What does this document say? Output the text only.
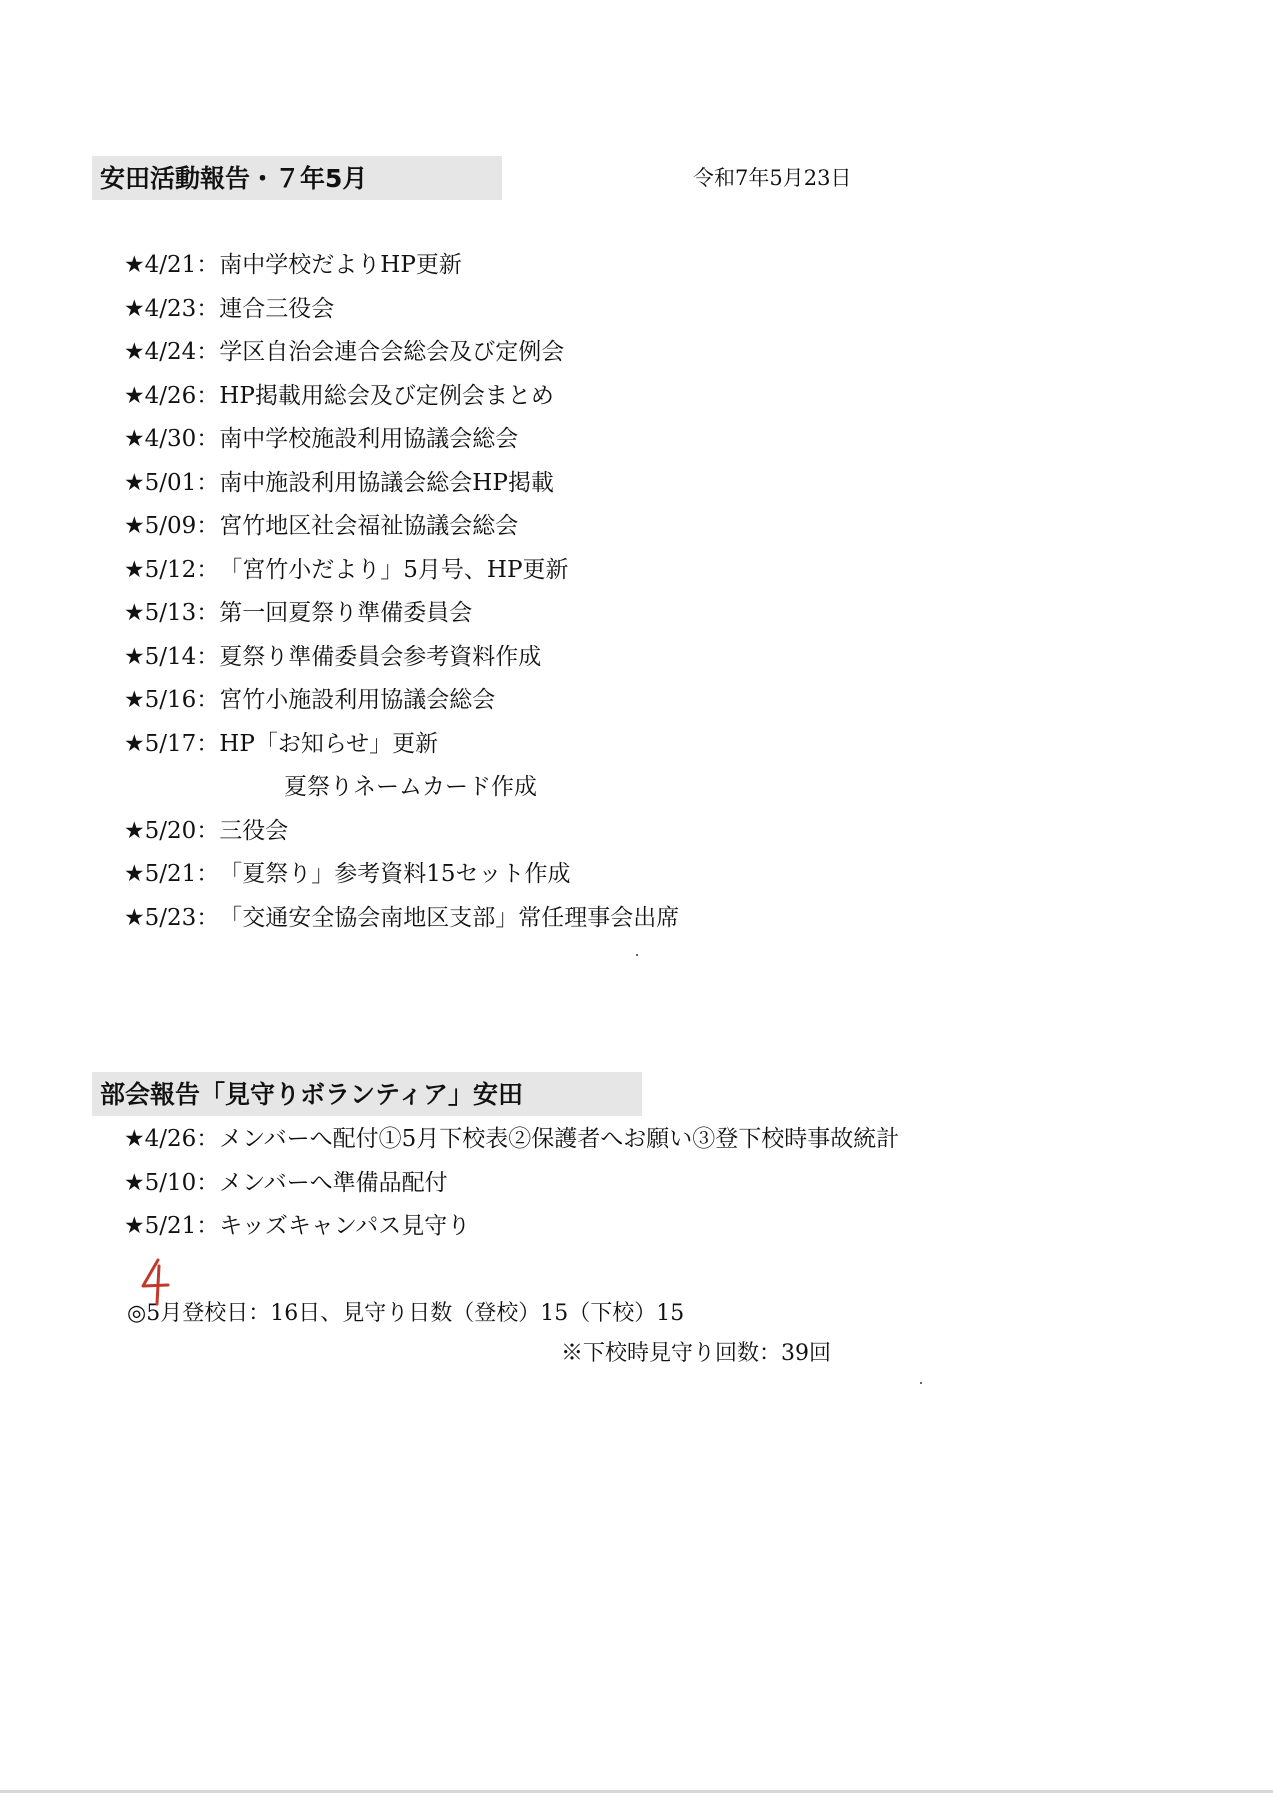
安田活動報告・７年5月	令和7年5月23日
★4/21： 南中学校だよりHP更新
★4/23： 連合三役会
★4/24： 学区自治会連合会総会及び定例会
★4/26： HP掲載用総会及び定例会まとめ
★4/30： 南中学校施設利用協議会総会
★5/01： 南中施設利用協議会総会HP掲載
★5/09： 宮竹地区社会福祉協議会総会
★5/12： 「宮竹小だより」5月号、HP更新
★5/13： 第一回夏祭り準備委員会
★5/14： 夏祭り準備委員会参考資料作成
★5/16： 宮竹小施設利用協議会総会
★5/17： HP「お知らせ」更新
夏祭りネームカード作成
★5/20： 三役会
★5/21： 「夏祭り」参考資料15セット作成
★5/23： 「交通安全協会南地区支部」常任理事会出席
部会報告「見守りボランティア」安田
★4/26： メンバーへ配付①5月下校表②保護者へお願い③登下校時事故統計
★5/10： メンバーへ準備品配付
★5/21： キッズキャンパス見守り
◎5月登校日：16日、見守り日数（登校）15（下校）15
※下校時見守り回数：39回
